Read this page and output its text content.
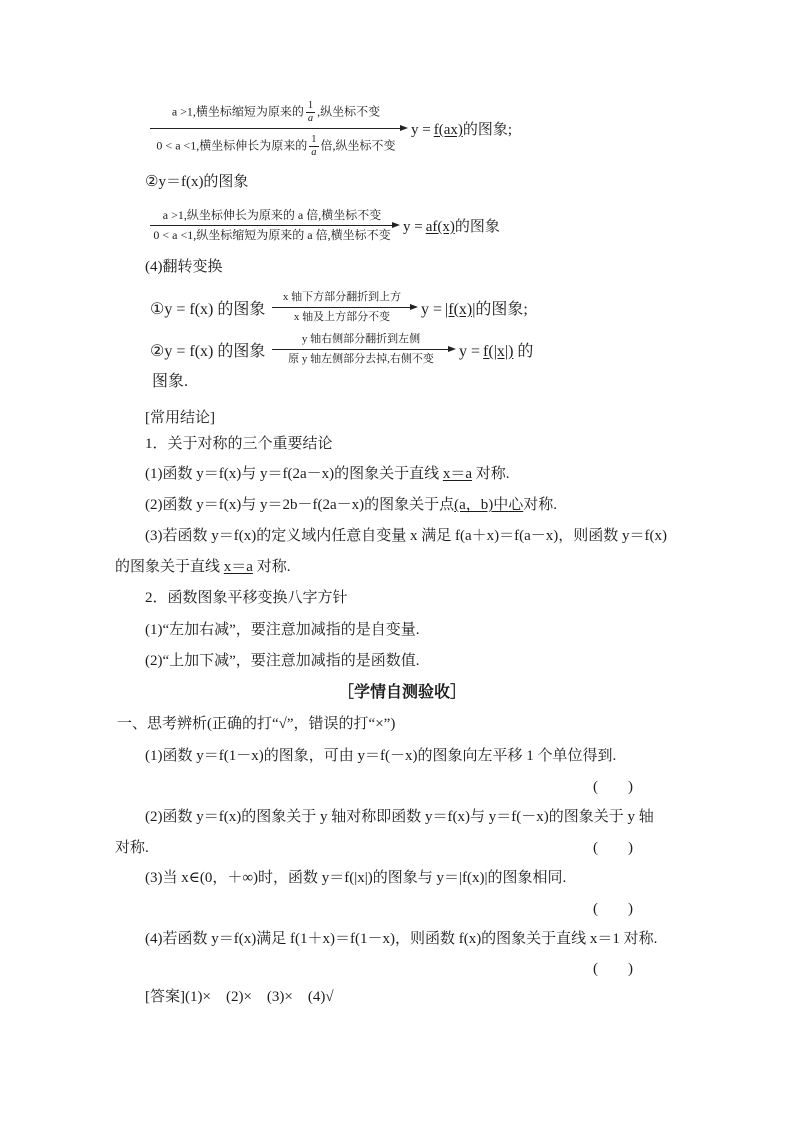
a >1,横坐标缩短为原来的 $\frac{1}{a}$ ,纵坐标不变
0 < a <1,横坐标伸长为原来的 $\frac{1}{a}$ 倍,纵坐标不变
y = f(ax)的图象;
②y＝f(x)的图象
a >1,纵坐标伸长为原来的 a 倍,横坐标不变
0 < a <1,纵坐标缩短为原来的 a 倍,横坐标不变
y = af(x)的图象
(4)翻转变换
①y = f(x) 的图象
x 轴下方部分翻折到上方
x 轴及上方部分不变	y = |f(x)|的图象;
②y = f(x) 的图象
y 轴右侧部分翻折到左侧
原 y 轴左侧部分去掉,右侧不变	y = f(|x|) 的
图象.
[常用结论]
1．关于对称的三个重要结论
(1)函数 y＝f(x)与 y＝f(2a－x)的图象关于直线 x＝a 对称.
(2)函数 y＝f(x)与 y＝2b－f(2a－x)的图象关于点(a，b)中心对称.
(3)若函数 y＝f(x)的定义域内任意自变量 x 满足 f(a＋x)＝f(a－x)，则函数 y＝f(x)
的图象关于直线 x＝a 对称.
2．函数图象平移变换八字方针
(1)“左加右减”，要注意加减指的是自变量.
(2)“上加下减”，要注意加减指的是函数值.
［学情自测验收］
一、思考辨析(正确的打“√”，错误的打“×”)
(1)函数 y＝f(1－x)的图象，可由 y＝f(－x)的图象向左平移 1 个单位得到.
(　　)
(2)函数 y＝f(x)的图象关于 y 轴对称即函数 y＝f(x)与 y＝f(－x)的图象关于 y 轴
对称.	(　　)
(3)当 x∈(0，＋∞)时，函数 y＝f(|x|)的图象与 y＝|f(x)|的图象相同.
(　　)
(4)若函数 y＝f(x)满足 f(1＋x)＝f(1－x)，则函数 f(x)的图象关于直线 x＝1 对称.
(　　)
[答案](1)×　(2)×　(3)×　(4)√
